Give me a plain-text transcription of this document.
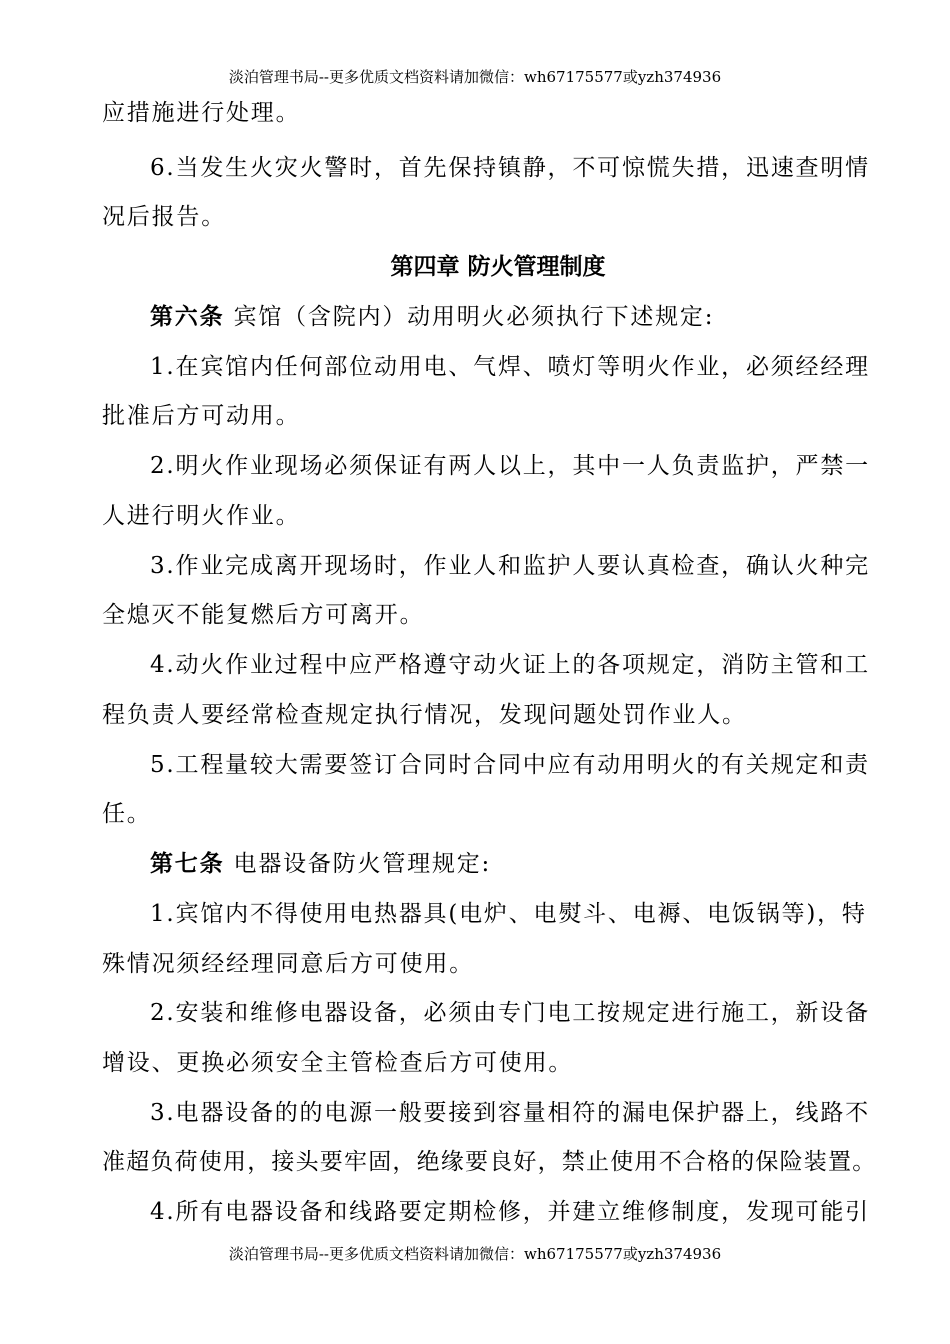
淡泊管理书局--更多优质文档资料请加微信：wh67175577或yzh374936
应措施进行处理。
6.当发生火灾火警时，首先保持镇静，不可惊慌失措，迅速查明情
况后报告。
第四章 防火管理制度
第六条 宾馆（含院内）动用明火必须执行下述规定:
1.在宾馆内任何部位动用电、气焊、喷灯等明火作业，必须经经理
批准后方可动用。
2.明火作业现场必须保证有两人以上，其中一人负责监护，严禁一
人进行明火作业。
3.作业完成离开现场时，作业人和监护人要认真检查，确认火种完
全熄灭不能复燃后方可离开。
4.动火作业过程中应严格遵守动火证上的各项规定，消防主管和工
程负责人要经常检查规定执行情况，发现问题处罚作业人。
5.工程量较大需要签订合同时合同中应有动用明火的有关规定和责
任。
第七条 电器设备防火管理规定:
1.宾馆内不得使用电热器具(电炉、电熨斗、电褥、电饭锅等)，特
殊情况须经经理同意后方可使用。
2.安装和维修电器设备，必须由专门电工按规定进行施工，新设备
增设、更换必须安全主管检查后方可使用。
3.电器设备的的电源一般要接到容量相符的漏电保护器上，线路不
准超负荷使用，接头要牢固，绝缘要良好，禁止使用不合格的保险装置。
4.所有电器设备和线路要定期检修，并建立维修制度，发现可能引
淡泊管理书局--更多优质文档资料请加微信：wh67175577或yzh374936
